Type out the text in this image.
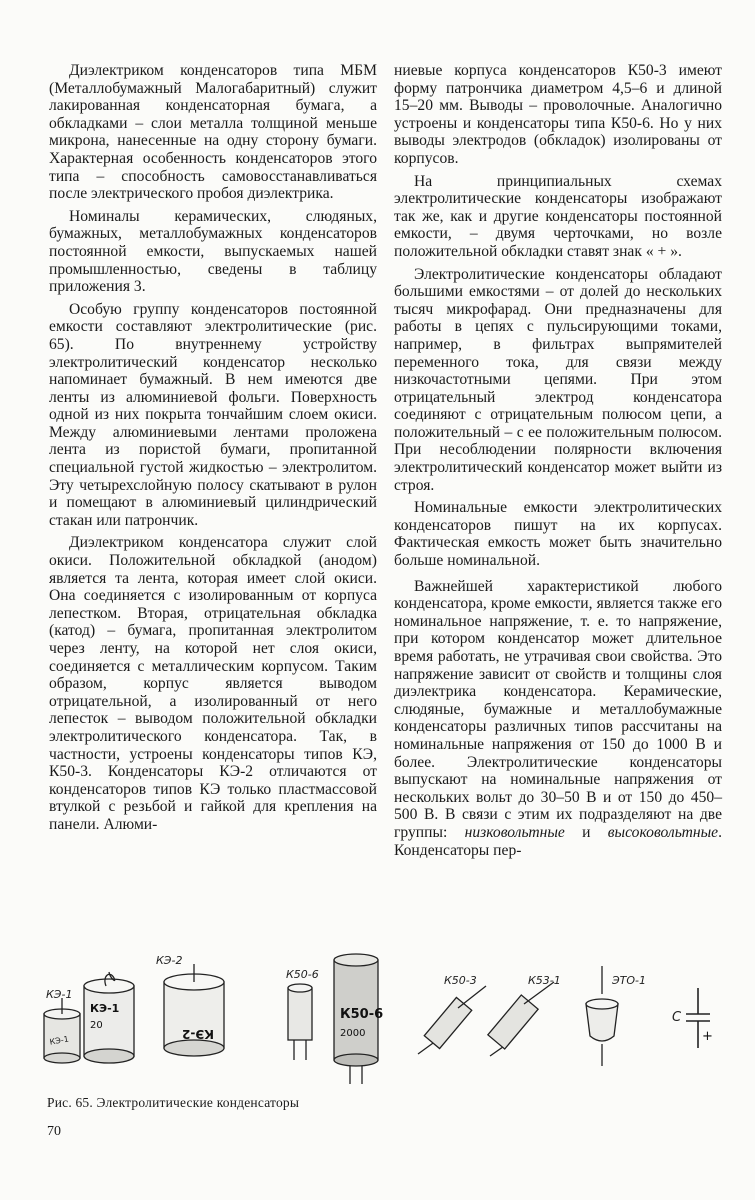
Диэлектриком конденсаторов типа МБМ (Металлобумажный Малогабаритный) служит лакированная конденсаторная бумага, а обкладками – слои металла толщиной меньше микрона, нанесенные на одну сторону бумаги. Характерная особенность конденсаторов этого типа – способность самовосстанавливаться после электрического пробоя диэлектрика.

Номиналы керамических, слюдяных, бумажных, металлобумажных конденсаторов постоянной емкости, выпускаемых нашей промышленностью, сведены в таблицу приложения 3.

Особую группу конденсаторов постоянной емкости составляют электролитические (рис. 65). По внутреннему устройству электролитический конденсатор несколько напоминает бумажный. В нем имеются две ленты из алюминиевой фольги. Поверхность одной из них покрыта тончайшим слоем окиси. Между алюминиевыми лентами проложена лента из пористой бумаги, пропитанной специальной густой жидкостью – электролитом. Эту четырехслойную полосу скатывают в рулон и помещают в алюминиевый цилиндрический стакан или патрончик.

Диэлектриком конденсатора служит слой окиси. Положительной обкладкой (анодом) является та лента, которая имеет слой окиси. Она соединяется с изолированным от корпуса лепестком. Вторая, отрицательная обкладка (катод) – бумага, пропитанная электролитом через ленту, на которой нет слоя окиси, соединяется с металлическим корпусом. Таким образом, корпус является выводом отрицательной, а изолированный от него лепесток – выводом положительной обкладки электролитического конденсатора. Так, в частности, устроены конденсаторы типов КЭ, К50-3. Конденсаторы КЭ-2 отличаются от конденсаторов типов КЭ только пластмассовой втулкой с резьбой и гайкой для крепления на панели. Алюми-

ниевые корпуса конденсаторов К50-3 имеют форму патрончика диаметром 4,5–6 и длиной 15–20 мм. Выводы – проволочные. Аналогично устроены и конденсаторы типа К50-6. Но у них выводы электродов (обкладок) изолированы от корпусов.

На принципиальных схемах электролитические конденсаторы изображают так же, как и другие конденсаторы постоянной емкости, – двумя черточками, но возле положительной обкладки ставят знак « + ».

Электролитические конденсаторы обладают большими емкостями – от долей до нескольких тысяч микрофарад. Они предназначены для работы в цепях с пульсирующими токами, например, в фильтрах выпрямителей переменного тока, для связи между низкочастотными цепями. При этом отрицательный электрод конденсатора соединяют с отрицательным полюсом цепи, а положительный – с ее положительным полюсом. При несоблюдении полярности включения электролитический конденсатор может выйти из строя.

Номинальные емкости электролитических конденсаторов пишут на их корпусах. Фактическая емкость может быть значительно больше номинальной.

Важнейшей характеристикой любого конденсатора, кроме емкости, является также его номинальное напряжение, т. е. то напряжение, при котором конденсатор может длительное время работать, не утрачивая свои свойства. Это напряжение зависит от свойств и толщины слоя диэлектрика конденсатора. Керамические, слюдяные, бумажные и металлобумажные конденсаторы различных типов рассчитаны на номинальные напряжения от 150 до 1000 В и более. Электролитические конденсаторы выпускают на номинальные напряжения от нескольких вольт до 30–50 В и от 150 до 450–500 В. В связи с этим их подразделяют на две группы: низковольтные и высоковольтные. Конденсаторы пер-

КЭ-1
КЭ-1
20
КЭ-2
К50-6
2000	+
КЭ-1
КЭ-2
К50-6	К50-3	К53-1	ЭТО-1
C
Рис. 65. Электролитические конденсаторы
70
